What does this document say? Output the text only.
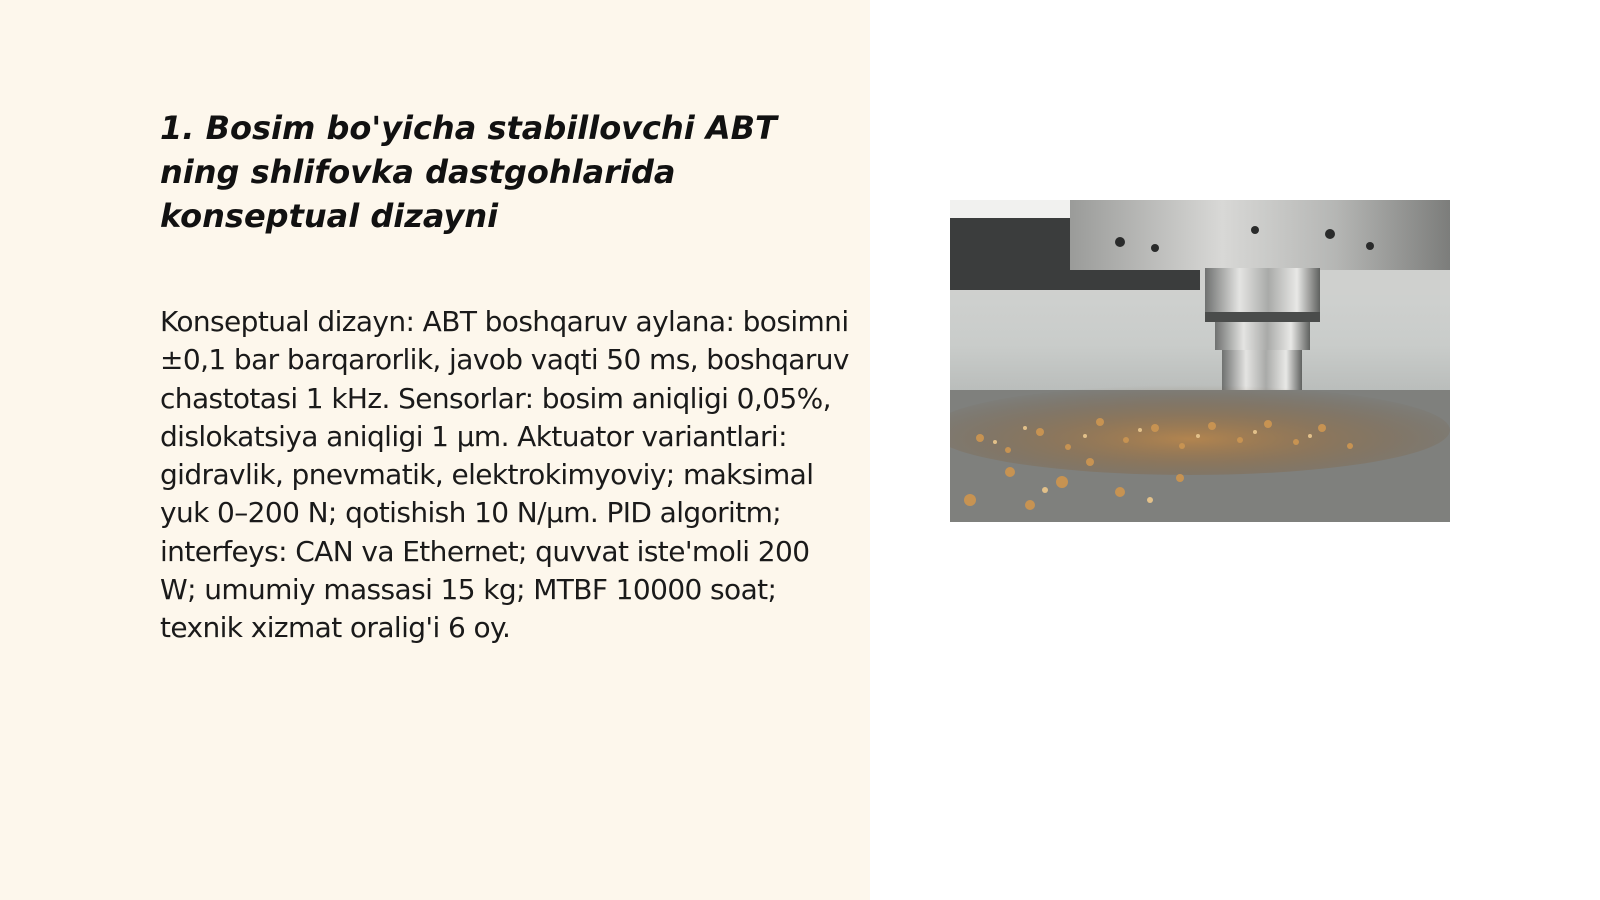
1. Bosim bo'yicha stabillovchi ABT ning shlifovka dastgohlarida konseptual dizayni

Konseptual dizayn: ABT boshqaruv aylana: bosimni ±0,1 bar barqarorlik, javob vaqti 50 ms, boshqaruv chastotasi 1 kHz. Sensorlar: bosim aniqligi 0,05%, dislokatsiya aniqligi 1 µm. Aktuator variantlari: gidravlik, pnevmatik, elektrokimyoviy; maksimal yuk 0–200 N; qotishish 10 N/µm. PID algoritm; interfeys: CAN va Ethernet; quvvat iste'moli 200 W; umumiy massasi 15 kg; MTBF 10000 soat; texnik xizmat oralig'i 6 oy.
